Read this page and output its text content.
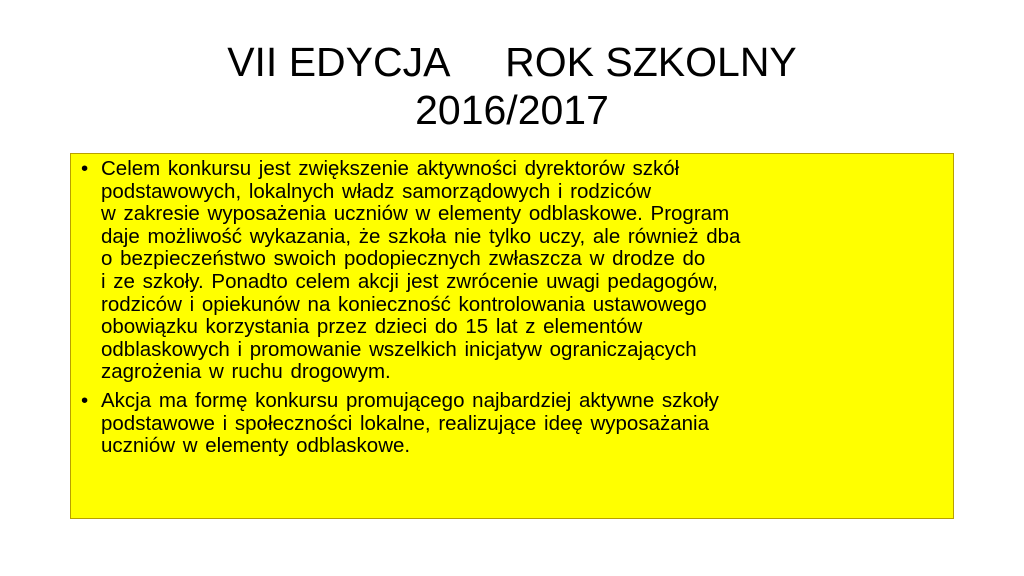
VII EDYCJA     ROK SZKOLNY
2016/2017
• Celem konkursu jest zwiększenie aktywności dyrektorów szkół
podstawowych, lokalnych władz samorządowych i rodziców
w zakresie wyposażenia uczniów w elementy odblaskowe. Program
daje możliwość wykazania, że szkoła nie tylko uczy, ale również dba
o bezpieczeństwo swoich podopiecznych zwłaszcza w drodze do
i ze szkoły. Ponadto celem akcji jest zwrócenie uwagi pedagogów,
rodziców i opiekunów na konieczność kontrolowania ustawowego
obowiązku korzystania przez dzieci do 15 lat z elementów
odblaskowych i promowanie wszelkich inicjatyw ograniczających
zagrożenia w ruchu drogowym.
• Akcja ma formę konkursu promującego najbardziej aktywne szkoły
podstawowe i społeczności lokalne, realizujące ideę wyposażania
uczniów w elementy odblaskowe.
